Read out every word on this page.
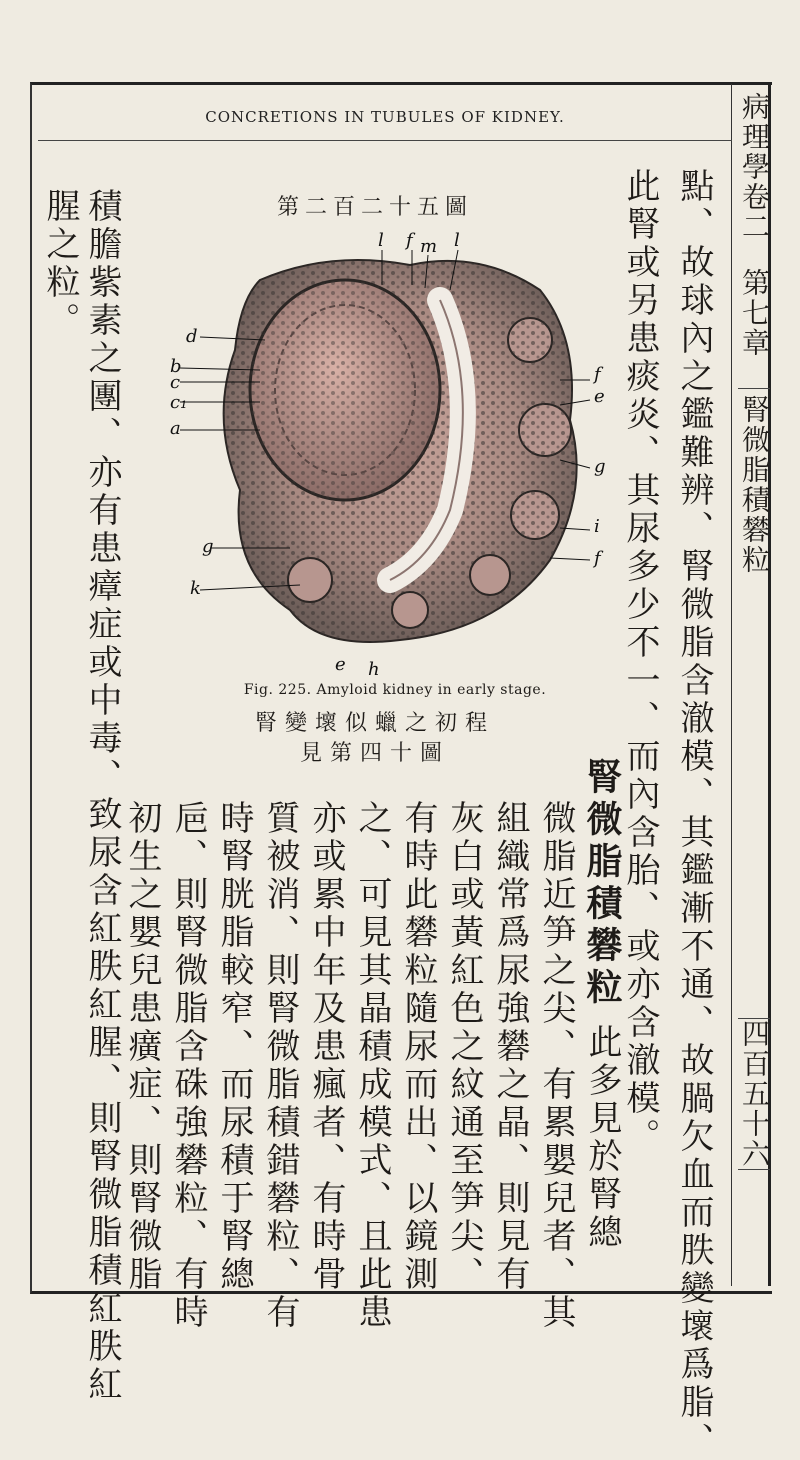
CONCRETIONS IN TUBULES OF KIDNEY.	病理學卷二
第七章
腎微脂積礬粒
四百五十六
點、故球內之鑑難辨、腎微脂含澈模、其鑑漸不通、故腡欠血而胅變壞爲脂、
此腎或另患痰炎、其尿多少不一、而內含胎、或亦含澈模。
腎微脂積礬粒此多見於腎總
微脂近笋之尖、有累嬰兒者、其
組織常爲尿強礬之晶、則見有
灰白或黃紅色之紋通至笋尖、
有時此礬粒隨尿而出、以鏡測
之、可見其晶積成模式、且此患
亦或累中年及患瘋者、有時骨
質被消、則腎微脂積錯礬粒、有
時腎胱脂較窄、而尿積于腎總
巵、則腎微脂含硃強礬粒、有時
初生之嬰兒患癀症、則腎微脂
積膽紫素之團、亦有患瘴症或中毒、致尿含紅胅紅腥、則腎微脂積紅胅紅
腥之粒。	第二百二十五圖
l f m l
d
b
c
c₁
a
g
k
e h
f
e
g
i
f
Fig. 225. Amyloid kidney in early stage.
腎變壞似蠟之初程
見第四十圖
